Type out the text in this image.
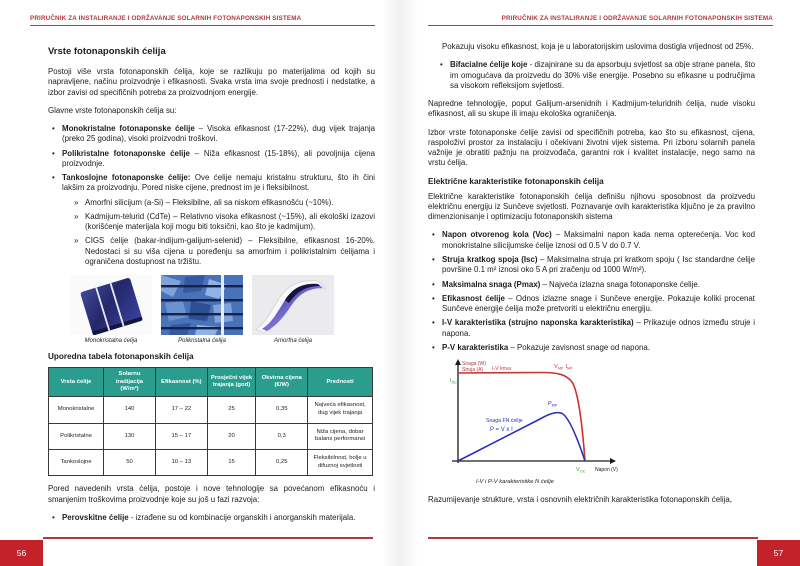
PRIRUČNIK ZA INSTALIRANJE I ODRŽAVANJE SOLARNIH FOTONAPONSKIH SISTEMA
Vrste fotonaponskih ćelija

Postoji više vrsta fotonaponskih ćelija, koje se razlikuju po materijalima od kojih su napravljene, načinu proizvodnje i efikasnosti. Svaka vrsta ima svoje prednosti i nedstatke, a izbor zavisi od specifičnih potreba za proizvodnjom energije.

Glavne vrste fotonaponskih ćelija su:

• Monokristalne fotonaponske ćelije – Visoka efikasnost (17-22%), dug vijek trajanja (preko 25 godina), visoki proizvodni troškovi.
• Polikristalne fotonaponske ćelije – Niža efikasnost (15-18%), ali povoljnija cijena proizvodnje.
• Tankoslojne fotonaponske ćelije: Ove ćelije nemaju kristalnu strukturu, što ih čini lakšim za proizvodnju. Pored niske cijene, prednost im je i fleksibilnost.
» Amorfni silicijum (a-Si) – Fleksibilne, ali sa niskom efikasnošću (~10%).
» Kadmijum-telurid (CdTe) – Relativno visoka efikasnost (~15%), ali ekološki izazovi (korišćenje materijala koji mogu biti toksični, kao što je kadmijum).
» CIGS ćelije (bakar-indijum-galijum-selenid) – Fleksibilne, efikasnost 16-20%. Nedostaci si su viša cijena u poređenju sa amorfnim i polikristalnim ćelijama i ograničena dostupnost na tržištu.
Monokristalna ćelija	Polikristalna ćelija	Amorfna ćelija
Uporedna tabela fotonaponskih ćelija
Vrsta ćelije	Solarnu iradijacija (W/m²)	Efikasnost (%)	Prosječni vijek trajanja (god)	Okvirna cijena (€/W)	Prednosti
Monokristalne	140	17 – 22	25	0,35	Najveća efikasnost, dug vijek trajanja
Polikristalne	130	15 – 17	20	0,3	Niža cijena, dobar balans performansi
Tankoslojne	50	10 – 13	15	0,25	Fleksibilnost, bolje u difuznoj svjetlosti

Pored navedenih vrsta ćelija, postoje i nove tehnologije sa povećanom efikasnoću i smanjenim troškovima proizvodnje koje su još u fazi razvoja:

• Perovskitne ćelije - izrađene su od kombinacije organskih i anorganskih materijala.
56
PRIRUČNIK ZA INSTALIRANJE I ODRŽAVANJE SOLARNIH FOTONAPONSKIH SISTEMA

Pokazuju visoku efikasnost, koja je u laboratorijskim uslovima dostigla vrijednost od 25%.

• Bifacialne ćelije koje - dizajnirane su da apsorbuju svjetlost sa obje strane panela, što im omogućava da proizvedu do 30% više energije. Posebno su efikasne u područjima sa visokom refleksijom svjetlosti.

Napredne tehnologije, poput Galijum-arsenidnih i Kadmijum-teluridnih ćelija, nude visoku efikasnost, ali su skupe ili imaju ekološka ograničenja.

Izbor vrste fotonaponske ćelije zavisi od specifičnih potreba, kao što su efikasnost, cijena, raspoloživi prostor za instalaciju i očekivani životni vijek sistema. Pri izboru solarnih panela važnije je obratiti pažnju na proizvođača, garantni rok i kvalitet instalacije, nego samo na vrstu ćelija.

Električne karakteristike fotonaponskih ćelija

Električne karakteristike fotonaponskih ćelija definišu njihovu sposobnost da proizvedu električnu energiju iz Sunčeve svjetlosti. Poznavanje ovih karakteristika ključno je za pravilno dimenzionisanje i optimizaciju fotonaponskih sistema

• Napon otvorenog kola (Voc) – Maksimalni napon kada nema opterećenja. Voc kod monokristalne silicijumske ćelije iznosi od 0.5 V do 0.7 V.
• Struja kratkog spoja (Isc) – Maksimalna struja pri kratkom spoju ( Isc standardne ćelije površine 0.1 m² iznosi oko 5 A pri zračenju od 1000 W/m²).
• Maksimalna snaga (Pmax) – Najveća izlazna snaga fotonaponske ćelije.
• Efikasnost ćelije – Odnos izlazne snage i Sunčeve energije. Pokazuje koliki procenat Sunčeve energije ćelija može pretvoriti u električnu energiju.
• I-V karakteristika (strujno naponska karakteristika) – Prikazuje odnos između struje i napona.
• P-V karakteristika – Pokazuje zavisnost snage od napona.
Snaga (W)
Struja (A) I-V kriva
$I_{SC}$
$V_{MP}$ $I_{MP}$
$P_{MP}$
Snaga FN ćelije
P = V x I
$V_{OC}$ Napon (V)
I-V i P-V karakteristike N ćelije

Razumijevanje strukture, vrsta i osnovnih električnih karakteristika fotonaponskih ćelija,

57
